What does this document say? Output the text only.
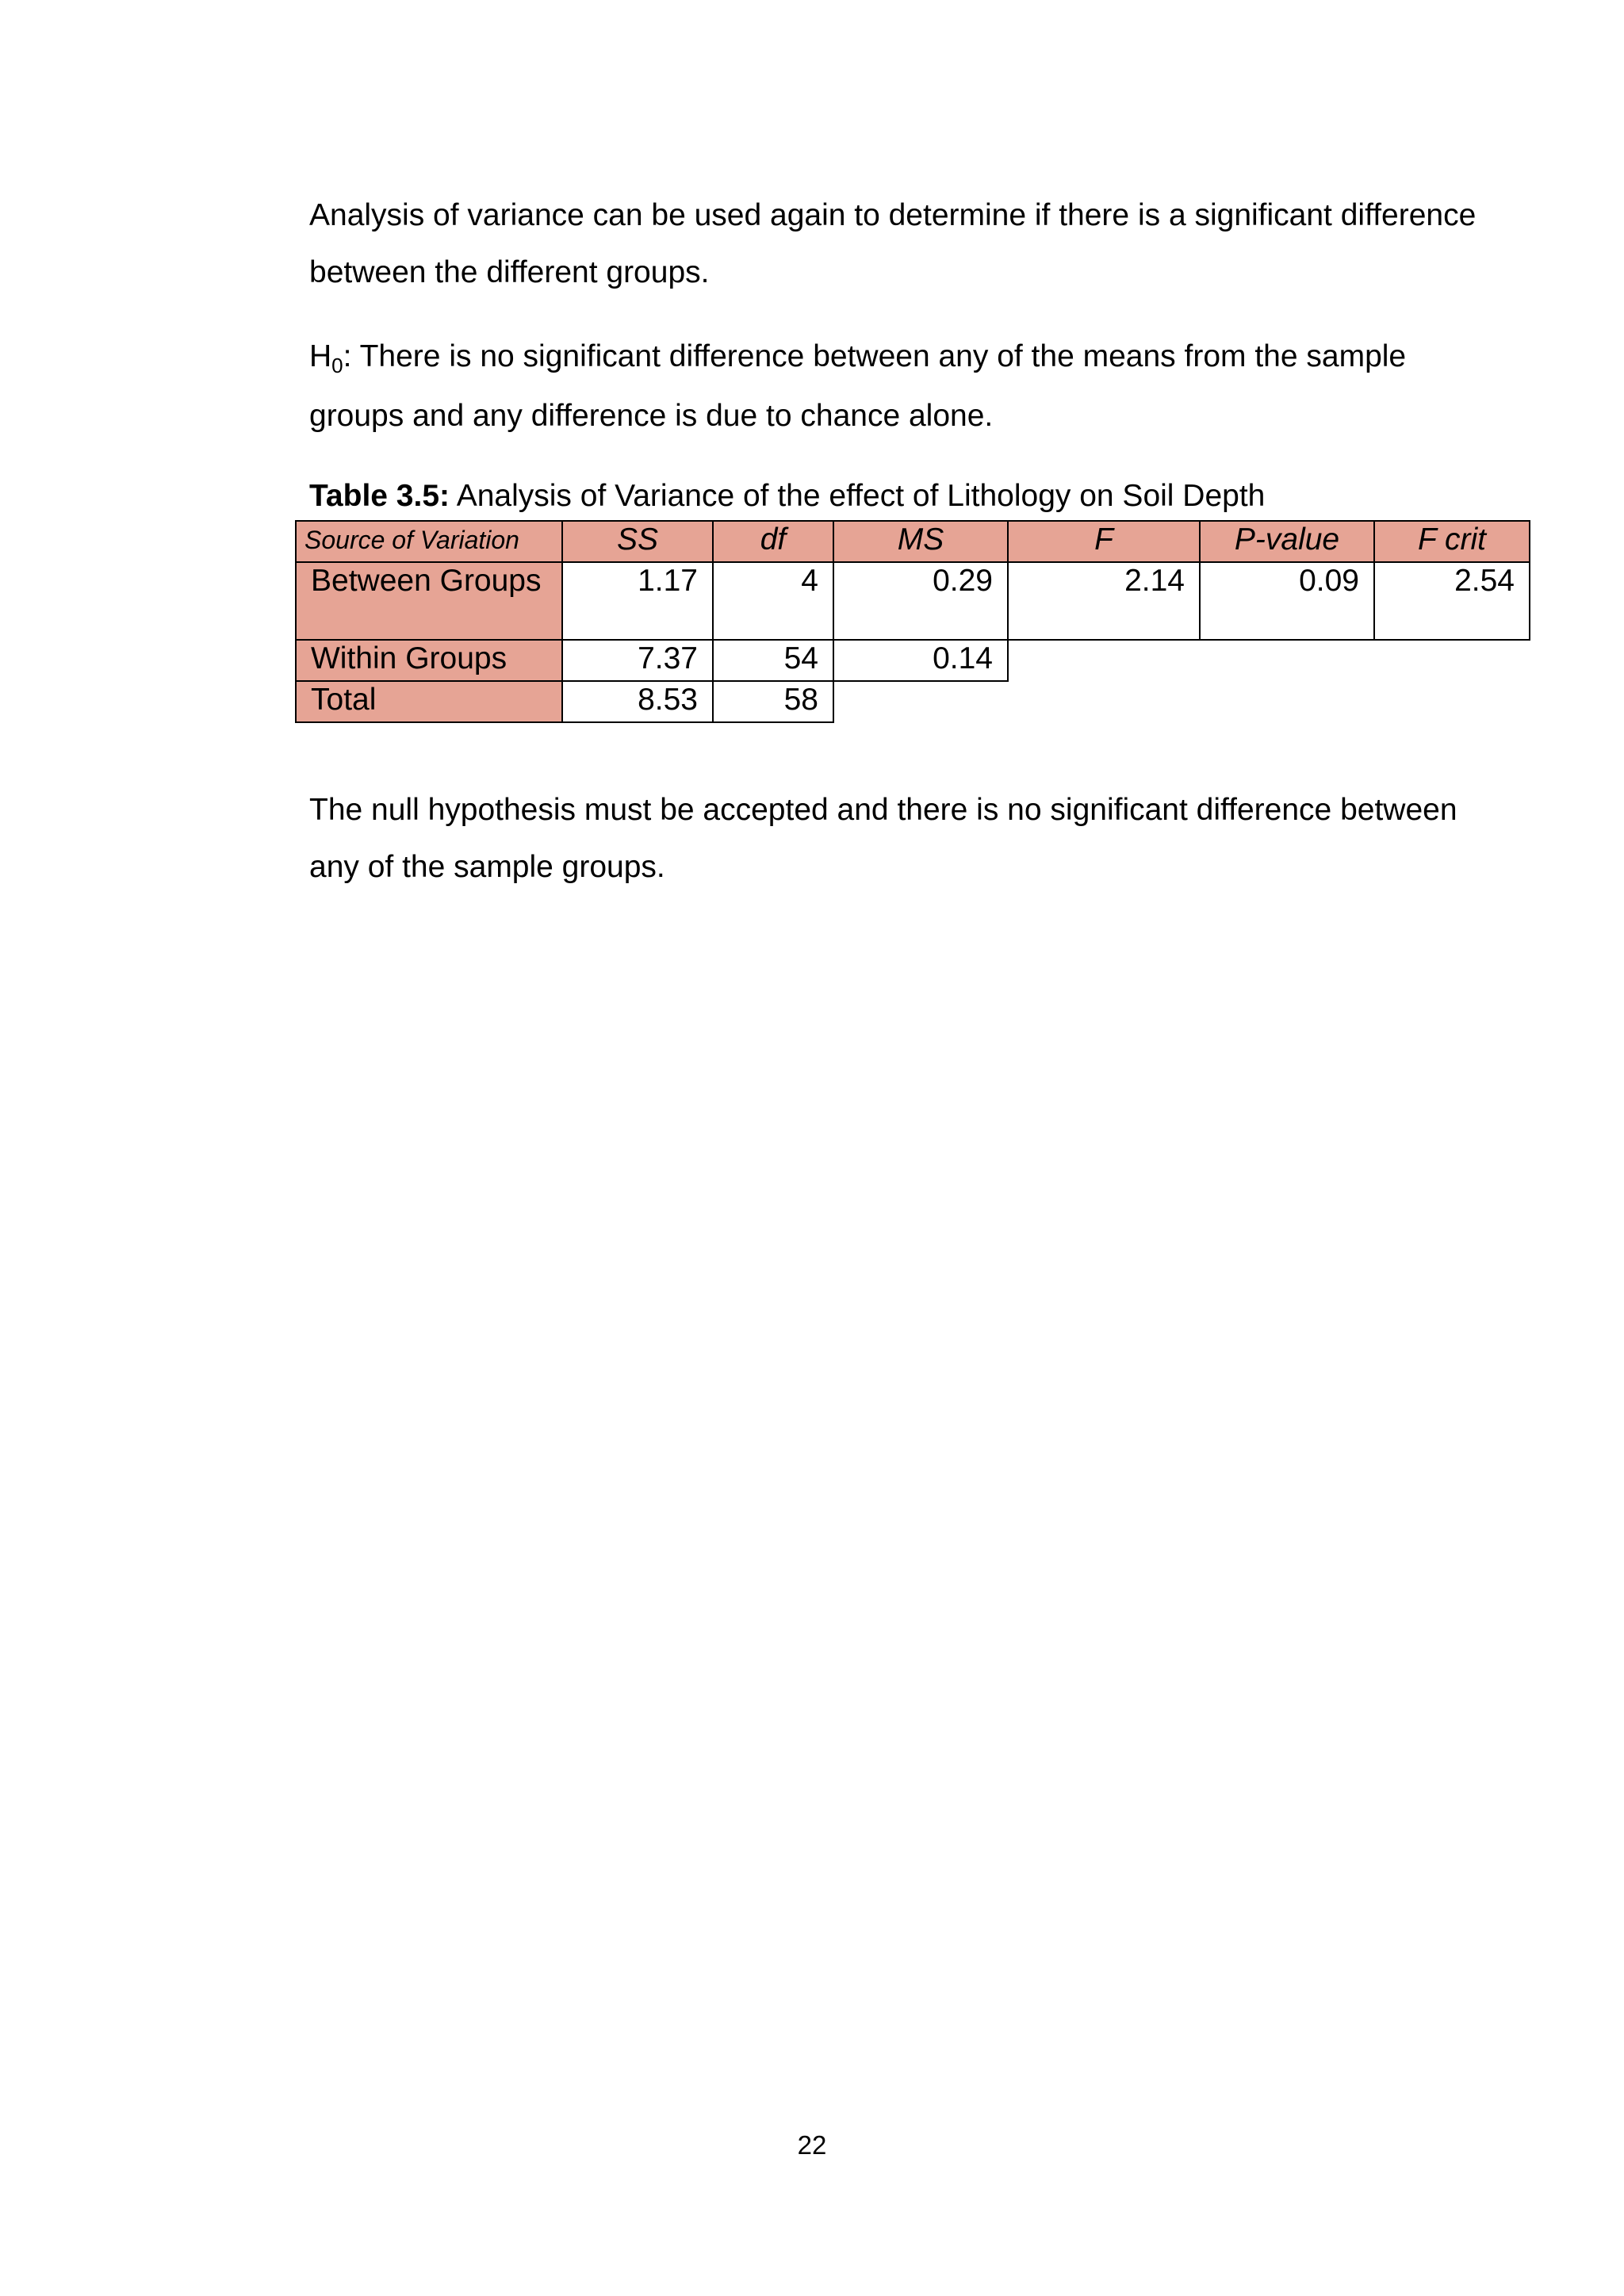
Analysis of variance can be used again to determine if there is a significant difference between the different groups.

$H_0$: There is no significant difference between any of the means from the sample groups and any difference is due to chance alone.

Table 3.5: Analysis of Variance of the effect of Lithology on Soil Depth

Source of Variation	SS	df	MS	F	P-value	F crit
Between Groups	1.17	4	0.29	2.14	0.09	2.54
Within Groups	7.37	54	0.14			
Total	8.53	58				

The null hypothesis must be accepted and there is no significant difference between any of the sample groups.

22
